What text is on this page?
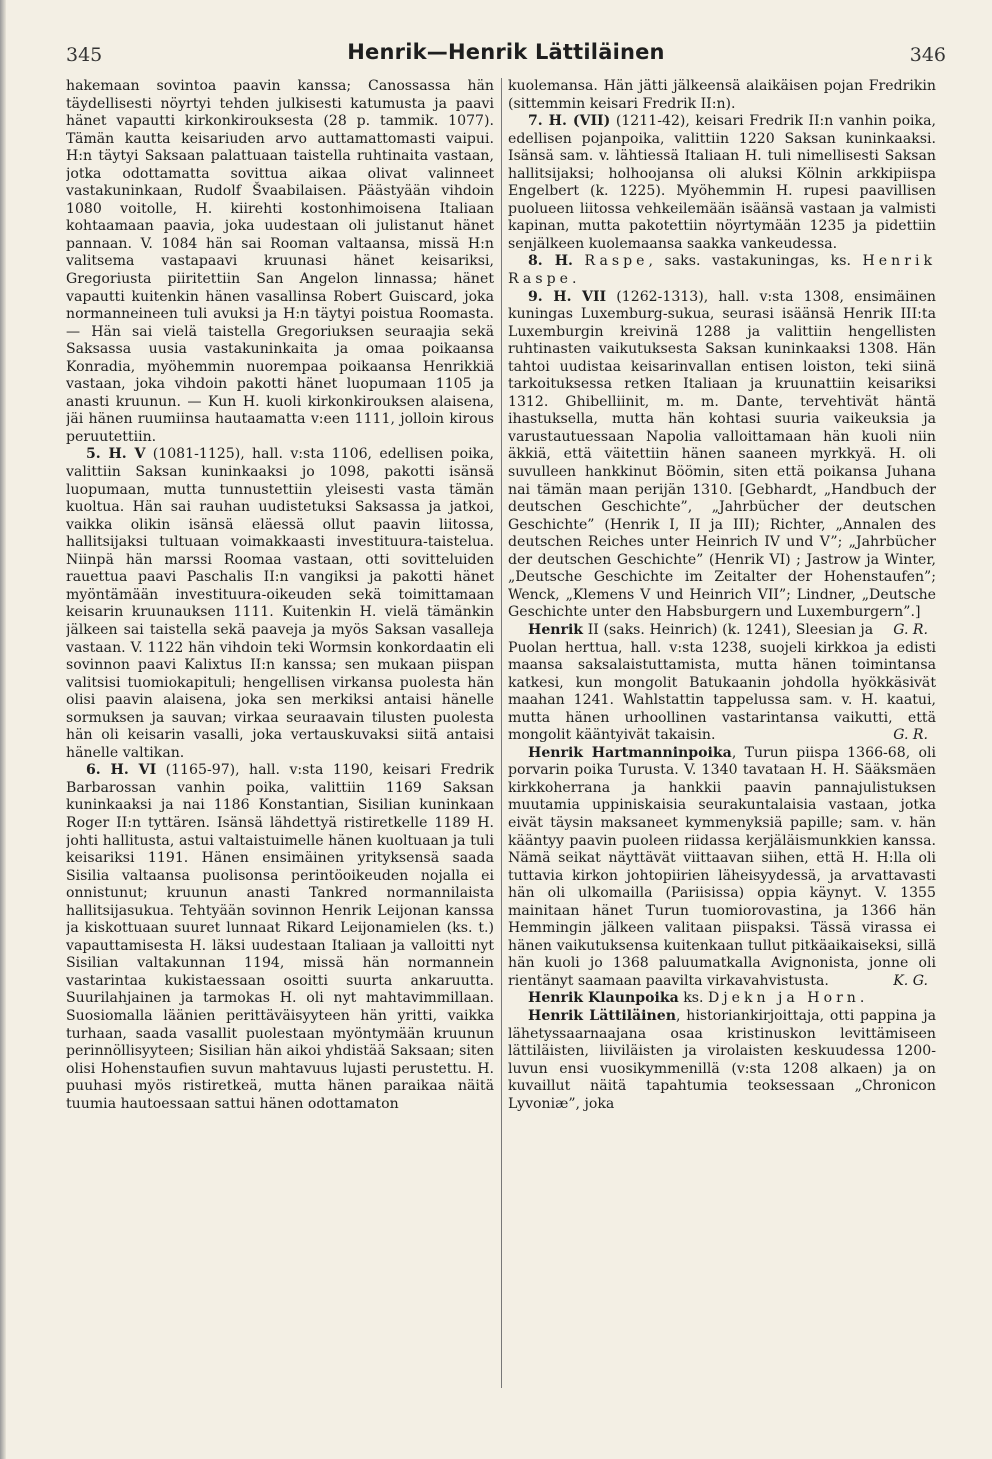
345	Henrik—Henrik Lättiläinen	346

hakemaan sovintoa paavin kanssa; Canossassa hän täydellisesti nöyrtyi tehden julkisesti katumusta ja paavi hänet vapautti kirkonkirouksesta (28 p. tammik. 1077). Tämän kautta keisariuden arvo auttamattomasti vaipui. H:n täytyi Saksaan palattuaan taistella ruhtinaita vastaan, jotka odottamatta sovittua aikaa olivat valinneet vastakuninkaan, Rudolf Švaabilaisen. Päästyään vihdoin 1080 voitolle, H. kiirehti kostonhimoisena Italiaan kohtaamaan paavia, joka uudestaan oli julistanut hänet pannaan. V. 1084 hän sai Rooman valtaansa, missä H:n valitsema vastapaavi kruunasi hänet keisariksi, Gregoriusta piiritettiin San Angelon linnassa; hänet vapautti kuitenkin hänen vasallinsa Robert Guiscard, joka normanneineen tuli avuksi ja H:n täytyi poistua Roomasta. — Hän sai vielä taistella Gregoriuksen seuraajia sekä Saksassa uusia vastakuninkaita ja omaa poikaansa Konradia, myöhemmin nuorempaa poikaansa Henrikkiä vastaan, joka vihdoin pakotti hänet luopumaan 1105 ja anasti kruunun. — Kun H. kuoli kirkonkirouksen alaisena, jäi hänen ruumiinsa hautaamatta v:een 1111, jolloin kirous peruutettiin.

5. H. V (1081-1125), hall. v:sta 1106, edellisen poika, valittiin Saksan kuninkaaksi jo 1098, pakotti isänsä luopumaan, mutta tunnustettiin yleisesti vasta tämän kuoltua. Hän sai rauhan uudistetuksi Saksassa ja jatkoi, vaikka olikin isänsä eläessä ollut paavin liitossa, hallitsijaksi tultuaan voimakkaasti investituura-taistelua. Niinpä hän marssi Roomaa vastaan, otti sovitteluiden rauettua paavi Paschalis II:n vangiksi ja pakotti hänet myöntämään investituura-oikeuden sekä toimittamaan keisarin kruunauksen 1111. Kuitenkin H. vielä tämänkin jälkeen sai taistella sekä paaveja ja myös Saksan vasalleja vastaan. V. 1122 hän vihdoin teki Wormsin konkordaatin eli sovinnon paavi Kalixtus II:n kanssa; sen mukaan piispan valitsisi tuomiokapituli; hengellisen virkansa puolesta hän olisi paavin alaisena, joka sen merkiksi antaisi hänelle sormuksen ja sauvan; virkaa seuraavain tilusten puolesta hän oli keisarin vasalli, joka vertauskuvaksi siitä antaisi hänelle valtikan.

6. H. VI (1165-97), hall. v:sta 1190, keisari Fredrik Barbarossan vanhin poika, valittiin 1169 Saksan kuninkaaksi ja nai 1186 Konstantian, Sisilian kuninkaan Roger II:n tyttären. Isänsä lähdettyä ristiretkelle 1189 H. johti hallitusta, astui valtaistuimelle hänen kuoltuaan ja tuli keisariksi 1191. Hänen ensimäinen yrityksensä saada Sisilia valtaansa puolisonsa perintöoikeuden nojalla ei onnistunut; kruunun anasti Tankred normannilaista hallitsijasukua. Tehtyään sovinnon Henrik Leijonan kanssa ja kiskottuaan suuret lunnaat Rikard Leijonamielen (ks. t.) vapauttamisesta H. läksi uudestaan Italiaan ja valloitti nyt Sisilian valtakunnan 1194, missä hän normannein vastarintaa kukistaessaan osoitti suurta ankaruutta. Suurilahjainen ja tarmokas H. oli nyt mahtavimmillaan. Suosiomalla läänien perittäväisyyteen hän yritti, vaikka turhaan, saada vasallit puolestaan myöntymään kruunun perinnöllisyyteen; Sisilian hän aikoi yhdistää Saksaan; siten olisi Hohenstaufien suvun mahtavuus lujasti perustettu. H. puuhasi myös ristiretkeä, mutta hänen paraikaa näitä tuumia hautoessaan sattui hänen odottamaton

kuolemansa. Hän jätti jälkeensä alaikäisen pojan Fredrikin (sittemmin keisari Fredrik II:n).

7. H. (VII) (1211-42), keisari Fredrik II:n vanhin poika, edellisen pojanpoika, valittiin 1220 Saksan kuninkaaksi. Isänsä sam. v. lähtiessä Italiaan H. tuli nimellisesti Saksan hallitsijaksi; holhoojansa oli aluksi Kölnin arkkipiispa Engelbert (k. 1225). Myöhemmin H. rupesi paavillisen puolueen liitossa vehkeilemään isäänsä vastaan ja valmisti kapinan, mutta pakotettiin nöyrtymään 1235 ja pidettiin senjälkeen kuolemaansa saakka vankeudessa.

8. H. Raspe, saks. vastakuningas, ks. Henrik Raspe.

9. H. VII (1262-1313), hall. v:sta 1308, ensimäinen kuningas Luxemburg-sukua, seurasi isäänsä Henrik III:ta Luxemburgin kreivinä 1288 ja valittiin hengellisten ruhtinasten vaikutuksesta Saksan kuninkaaksi 1308. Hän tahtoi uudistaa keisarinvallan entisen loiston, teki siinä tarkoituksessa retken Italiaan ja kruunattiin keisariksi 1312. Ghibelliinit, m. m. Dante, tervehtivät häntä ihastuksella, mutta hän kohtasi suuria vaikeuksia ja varustautuessaan Napolia valloittamaan hän kuoli niin äkkiä, että väitettiin hänen saaneen myrkkyä. H. oli suvulleen hankkinut Böömin, siten että poikansa Juhana nai tämän maan perijän 1310. [Gebhardt, „Handbuch der deutschen Geschichte”, „Jahrbücher der deutschen Geschichte” (Henrik I, II ja III); Richter, „Annalen des deutschen Reiches unter Heinrich IV und V”; „Jahrbücher der deutschen Geschichte” (Henrik VI) ; Jastrow ja Winter, „Deutsche Geschichte im Zeitalter der Hohenstaufen”; Wenck, „Klemens V und Heinrich VII”; Lindner, „Deutsche Geschichte unter den Habsburgern und Luxemburgern”.]
G. R.

Henrik II (saks. Heinrich) (k. 1241), Sleesian ja Puolan herttua, hall. v:sta 1238, suojeli kirkkoa ja edisti maansa saksalaistuttamista, mutta hänen toimintansa katkesi, kun mongolit Batukaanin johdolla hyökkäsivät maahan 1241. Wahlstattin tappelussa sam. v. H. kaatui, mutta hänen urhoollinen vastarintansa vaikutti, että mongolit kääntyivät takaisin.	G. R.

Henrik Hartmanninpoika, Turun piispa 1366-68, oli porvarin poika Turusta. V. 1340 tavataan H. H. Sääksmäen kirkkoherrana ja hankkii paavin pannajulistuksen muutamia uppiniskaisia seurakuntalaisia vastaan, jotka eivät täysin maksaneet kymmenyksiä papille; sam. v. hän kääntyy paavin puoleen riidassa kerjäläismunkkien kanssa. Nämä seikat näyttävät viittaavan siihen, että H. H:lla oli tuttavia kirkon johtopiirien läheisyydessä, ja arvattavasti hän oli ulkomailla (Pariisissa) oppia käynyt. V. 1355 mainitaan hänet Turun tuomiorovastina, ja 1366 hän Hemmingin jälkeen valitaan piispaksi. Tässä virassa ei hänen vaikutuksensa kuitenkaan tullut pitkäaikaiseksi, sillä hän kuoli jo 1368 paluumatkalla Avignonista, jonne oli rientänyt saamaan paavilta virkavahvistusta.	K. G.

Henrik Klaunpoika ks. Djekn ja Horn.

Henrik Lättiläinen, historiankirjoittaja, otti pappina ja lähetyssaarnaajana osaa kristinuskon levittämiseen lättiläisten, liiviläisten ja virolaisten keskuudessa 1200-luvun ensi vuosikymmenillä (v:sta 1208 alkaen) ja on kuvaillut näitä tapahtumia teoksessaan „Chronicon Lyvoniæ”, joka
